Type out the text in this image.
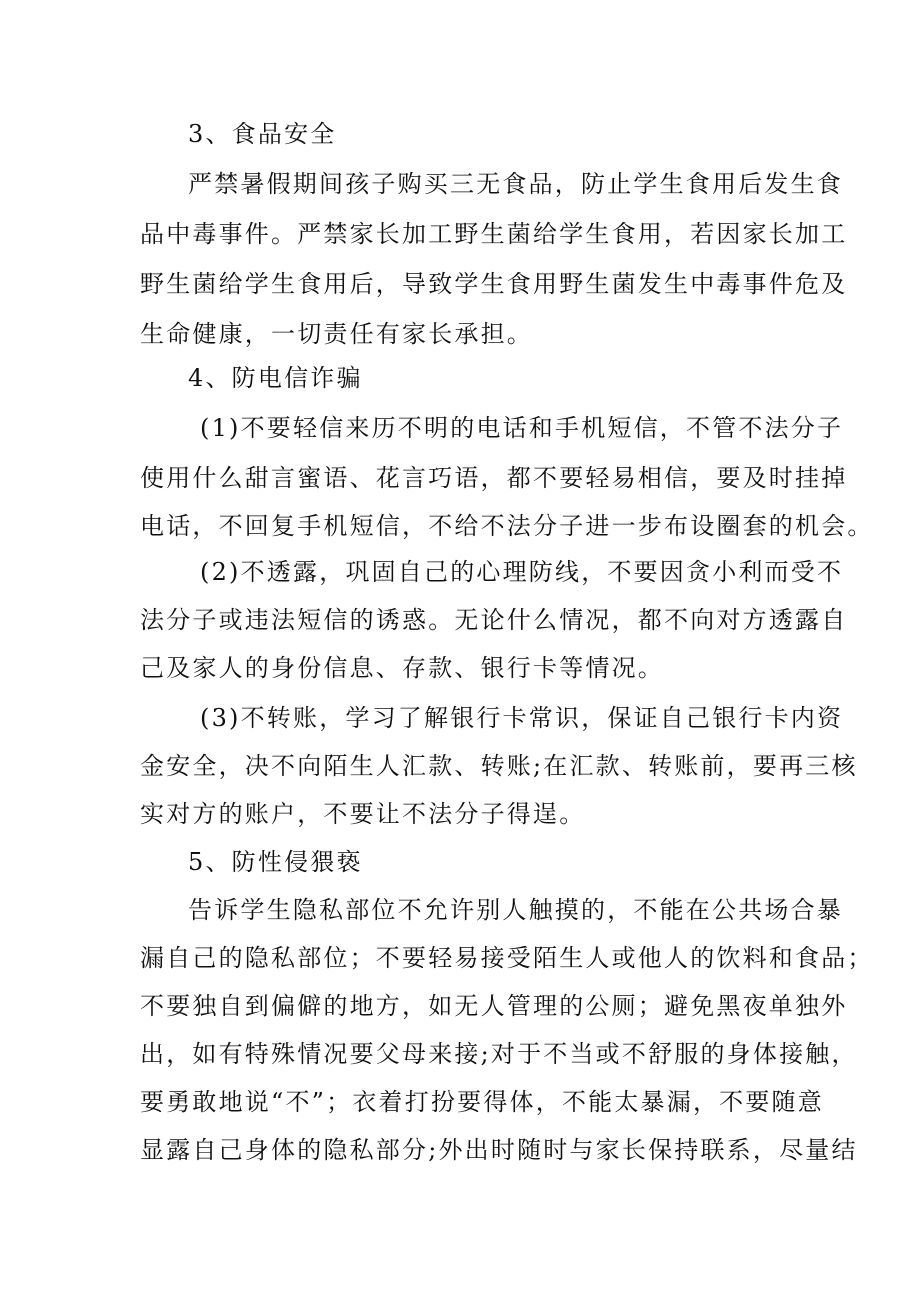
3、食品安全
严禁暑假期间孩子购买三无食品，防止学生食用后发生食
品中毒事件。严禁家长加工野生菌给学生食用，若因家长加工
野生菌给学生食用后，导致学生食用野生菌发生中毒事件危及
生命健康，一切责任有家长承担。
4、防电信诈骗
(1)不要轻信来历不明的电话和手机短信，不管不法分子
使用什么甜言蜜语、花言巧语，都不要轻易相信，要及时挂掉
电话，不回复手机短信，不给不法分子进一步布设圈套的机会。
(2)不透露，巩固自己的心理防线，不要因贪小利而受不
法分子或违法短信的诱惑。无论什么情况，都不向对方透露自
己及家人的身份信息、存款、银行卡等情况。
(3)不转账，学习了解银行卡常识，保证自己银行卡内资
金安全，决不向陌生人汇款、转账;在汇款、转账前，要再三核
实对方的账户，不要让不法分子得逞。
5、防性侵猥亵
告诉学生隐私部位不允许别人触摸的，不能在公共场合暴
漏自己的隐私部位；不要轻易接受陌生人或他人的饮料和食品；
不要独自到偏僻的地方，如无人管理的公厕；避免黑夜单独外
出，如有特殊情况要父母来接;对于不当或不舒服的身体接触，
要勇敢地说“不”；衣着打扮要得体，不能太暴漏，不要随意
显露自己身体的隐私部分;外出时随时与家长保持联系，尽量结
